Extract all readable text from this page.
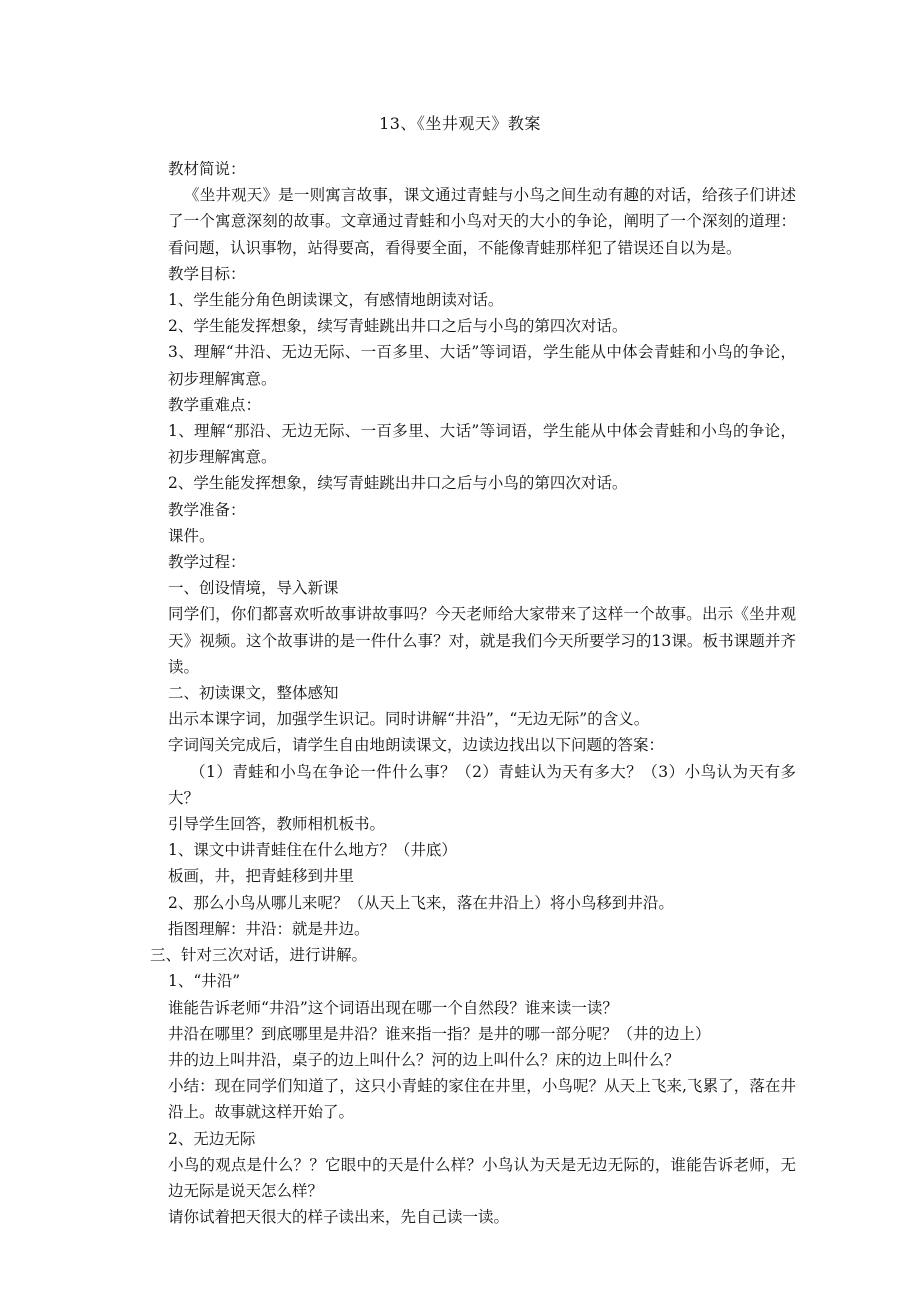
13、《坐井观天》教案

教材简说：

《坐井观天》是一则寓言故事，课文通过青蛙与小鸟之间生动有趣的对话，给孩子们讲述了一个寓意深刻的故事。文章通过青蛙和小鸟对天的大小的争论，阐明了一个深刻的道理：看问题，认识事物，站得要高，看得要全面，不能像青蛙那样犯了错误还自以为是。

教学目标：

1、学生能分角色朗读课文，有感情地朗读对话。

2、学生能发挥想象，续写青蛙跳出井口之后与小鸟的第四次对话。

3、理解“井沿、无边无际、一百多里、大话”等词语，学生能从中体会青蛙和小鸟的争论，初步理解寓意。

教学重难点：

1、理解“那沿、无边无际、一百多里、大话”等词语，学生能从中体会青蛙和小鸟的争论，初步理解寓意。

2、学生能发挥想象，续写青蛙跳出井口之后与小鸟的第四次对话。

教学准备：

课件。

教学过程：

一、创设情境，导入新课

同学们，你们都喜欢听故事讲故事吗？今天老师给大家带来了这样一个故事。出示《坐井观天》视频。这个故事讲的是一件什么事？对，就是我们今天所要学习的13课。板书课题并齐读。

二、初读课文，整体感知

出示本课字词，加强学生识记。同时讲解“井沿”，“无边无际”的含义。

字词闯关完成后，请学生自由地朗读课文，边读边找出以下问题的答案：

（1）青蛙和小鸟在争论一件什么事？（2）青蛙认为天有多大？（3）小鸟认为天有多大？

引导学生回答，教师相机板书。

1、课文中讲青蛙住在什么地方？（井底）

板画，井，把青蛙移到井里

2、那么小鸟从哪儿来呢？（从天上飞来，落在井沿上）将小鸟移到井沿。

指图理解：井沿：就是井边。

三、针对三次对话，进行讲解。

1、“井沿”

谁能告诉老师“井沿”这个词语出现在哪一个自然段？谁来读一读？

井沿在哪里？到底哪里是井沿？谁来指一指？是井的哪一部分呢？（井的边上）

井的边上叫井沿，桌子的边上叫什么？河的边上叫什么？床的边上叫什么？

小结：现在同学们知道了，这只小青蛙的家住在井里，小鸟呢？从天上飞来,飞累了，落在井沿上。故事就这样开始了。

2、无边无际

小鸟的观点是什么？？它眼中的天是什么样？小鸟认为天是无边无际的，谁能告诉老师，无边无际是说天怎么样？

请你试着把天很大的样子读出来，先自己读一读。
